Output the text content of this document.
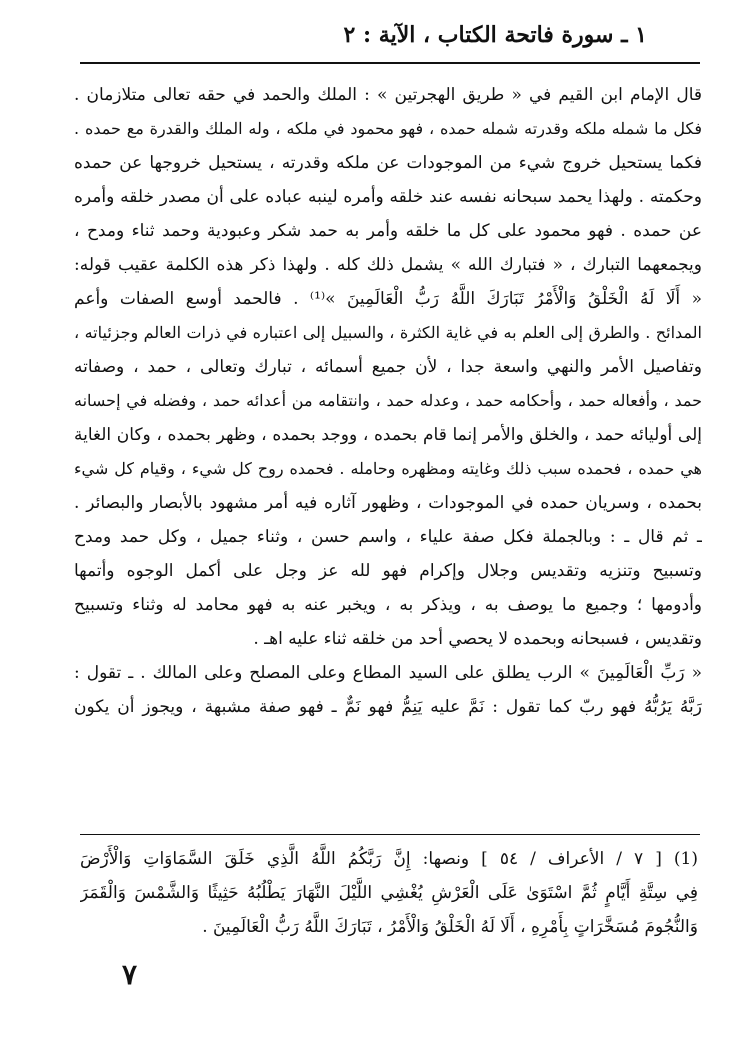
١ ـ سورة فاتحة الكتاب ، الآية : ٢
قال الإمام ابن القيم في « طريق الهجرتين » : الملك والحمد في حقه تعالى متلازمان .
فكل ما شمله ملكه وقدرته شمله حمده ، فهو محمود في ملكه ، وله الملك والقدرة مع حمده .
فكما يستحيل خروج شيء من الموجودات عن ملكه وقدرته ، يستحيل خروجها عن حمده
وحكمته . ولهذا يحمد سبحانه نفسه عند خلقه وأمره لينبه عباده على أن مصدر خلقه وأمره
عن حمده . فهو محمود على كل ما خلقه وأمر به حمد شكر وعبودية وحمد ثناء ومدح ،
ويجمعهما التبارك ، « فتبارك الله » يشمل ذلك كله . ولهذا ذكر هذه الكلمة عقيب قوله:
« أَلَا لَهُ الْخَلْقُ وَالْأَمْرُ تَبَارَكَ اللَّهُ رَبُّ الْعَالَمِينَ »⁽¹⁾ . فالحمد أوسع الصفات وأعم
المدائح . والطرق إلى العلم به في غاية الكثرة ، والسبيل إلى اعتباره في ذرات العالم وجزئياته ،
وتفاصيل الأمر والنهي واسعة جدا ، لأن جميع أسمائه ، تبارك وتعالى ، حمد ، وصفاته
حمد ، وأفعاله حمد ، وأحكامه حمد ، وعدله حمد ، وانتقامه من أعدائه حمد ، وفضله في إحسانه
إلى أوليائه حمد ، والخلق والأمر إنما قام بحمده ، ووجد بحمده ، وظهر بحمده ، وكان الغاية
هي حمده ، فحمده سبب ذلك وغايته ومظهره وحامله . فحمده روح كل شيء ، وقيام كل شيء
بحمده ، وسريان حمده في الموجودات ، وظهور آثاره فيه أمر مشهود بالأبصار والبصائر .
ـ ثم قال ـ : وبالجملة فكل صفة علياء ، واسم حسن ، وثناء جميل ، وكل حمد ومدح
وتسبيح وتنزيه وتقديس وجلال وإكرام فهو لله عز وجل على أكمل الوجوه وأتمها
وأدومها ؛ وجميع ما يوصف به ، ويذكر به ، ويخبر عنه به فهو محامد له وثناء وتسبيح
وتقديس ، فسبحانه وبحمده لا يحصي أحد من خلقه ثناء عليه اهـ .
« رَبِّ الْعَالَمِينَ » الرب يطلق على السيد المطاع وعلى المصلح وعلى المالك . ـ تقول :
رَبَّهُ يَرُبُّهُ فهو ربّ كما تقول : نَمَّ عليه يَنِمُّ فهو نَمٌّ ـ فهو صفة مشبهة ، ويجوز أن يكون
(1) [ ٧ / الأعراف / ٥٤ ] ونصها: إِنَّ رَبَّكُمُ اللَّهُ الَّذِي خَلَقَ السَّمَاوَاتِ وَالْأَرْضَ
فِي سِتَّةِ أَيَّامٍ ثُمَّ اسْتَوَىٰ عَلَى الْعَرْشِ يُغْشِي اللَّيْلَ النَّهَارَ يَطْلُبُهُ حَثِيثًا وَالشَّمْسَ وَالْقَمَرَ
وَالنُّجُومَ مُسَخَّرَاتٍ بِأَمْرِهِ ، أَلَا لَهُ الْخَلْقُ وَالْأَمْرُ ، تَبَارَكَ اللَّهُ رَبُّ الْعَالَمِينَ .
٧
